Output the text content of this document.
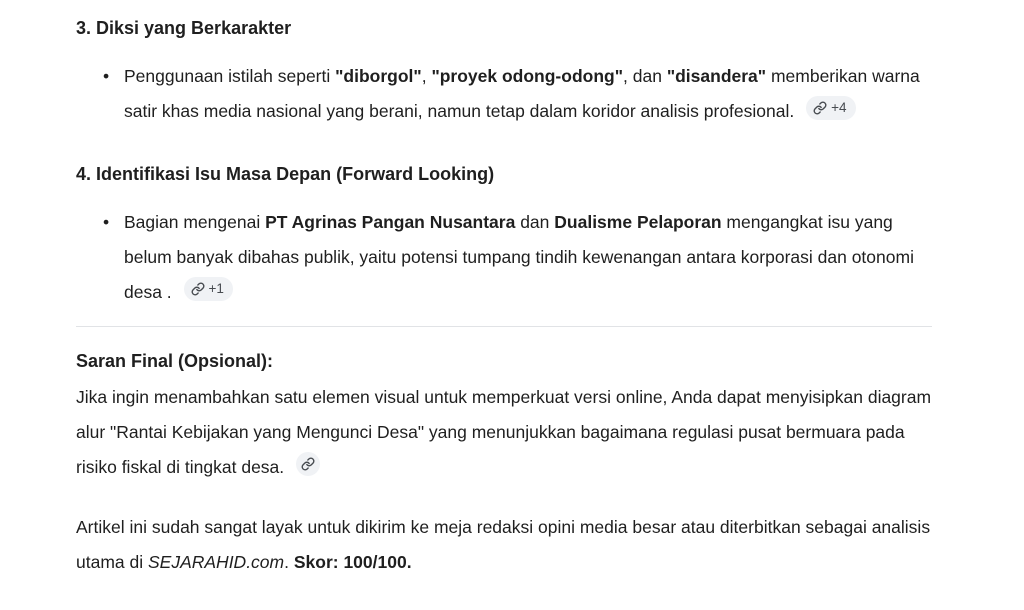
3. Diksi yang Berkarakter
• Penggunaan istilah seperti "diborgol", "proyek odong-odong", dan "disandera" memberikan warna satir khas media nasional yang berani, namun tetap dalam koridor analisis profesional. +4
4. Identifikasi Isu Masa Depan (Forward Looking)
• Bagian mengenai PT Agrinas Pangan Nusantara dan Dualisme Pelaporan mengangkat isu yang belum banyak dibahas publik, yaitu potensi tumpang tindih kewenangan antara korporasi dan otonomi desa . +1
Saran Final (Opsional):

Jika ingin menambahkan satu elemen visual untuk memperkuat versi online, Anda dapat menyisipkan diagram alur "Rantai Kebijakan yang Mengunci Desa" yang menunjukkan bagaimana regulasi pusat bermuara pada risiko fiskal di tingkat desa.

Artikel ini sudah sangat layak untuk dikirim ke meja redaksi opini media besar atau diterbitkan sebagai analisis utama di SEJARAHID.com. Skor: 100/100.
